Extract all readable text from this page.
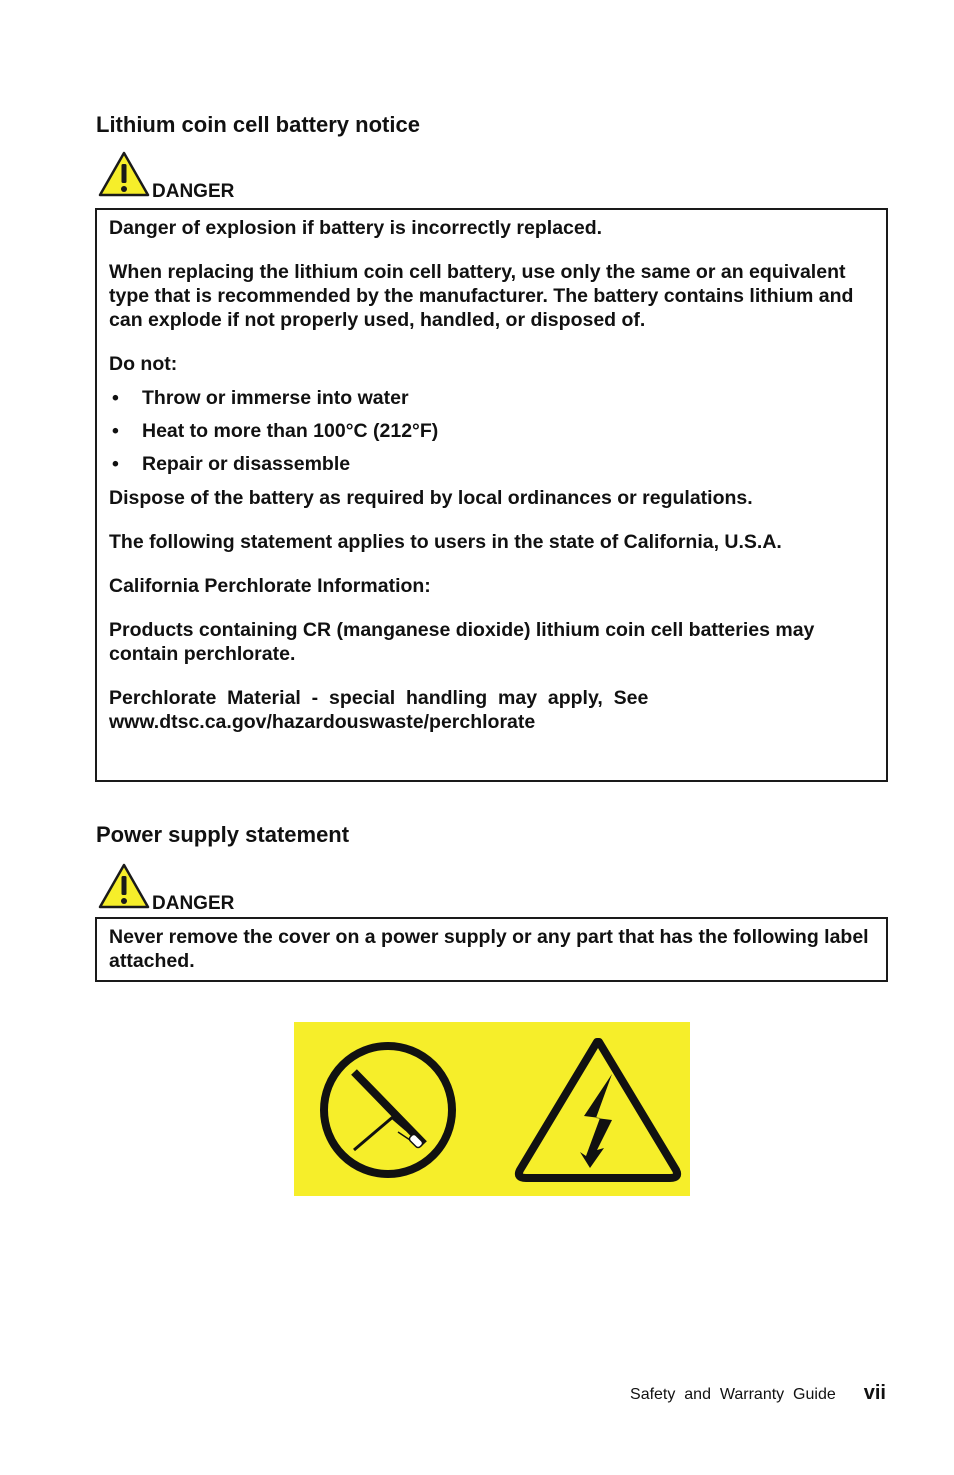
Lithium coin cell battery notice
DANGER

Danger of explosion if battery is incorrectly replaced.

When replacing the lithium coin cell battery, use only the same or an equivalent type that is recommended by the manufacturer. The battery contains lithium and can explode if not properly used, handled, or disposed of.

Do not:

• Throw or immerse into water
• Heat to more than 100°C (212°F)
• Repair or disassemble

Dispose of the battery as required by local ordinances or regulations.

The following statement applies to users in the state of California, U.S.A.

California Perchlorate Information:

Products containing CR (manganese dioxide) lithium coin cell batteries may contain perchlorate.

Perchlorate  Material  -  special  handling  may  apply,  See
www.dtsc.ca.gov/hazardouswaste/perchlorate

Power supply statement
DANGER

Never remove the cover on a power supply or any part that has the following label attached.

Safety  and  Warranty  Guide vii
